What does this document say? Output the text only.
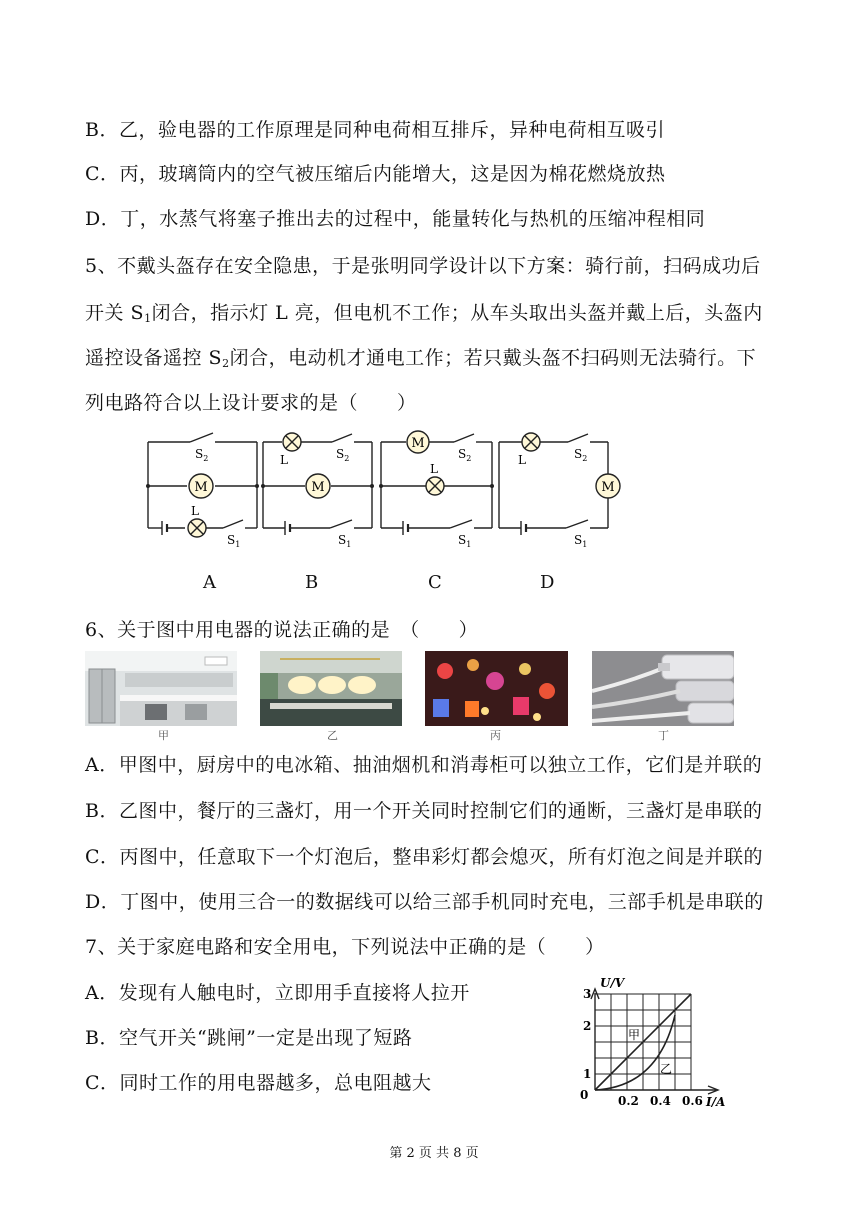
B．乙，验电器的工作原理是同种电荷相互排斥，异种电荷相互吸引
C．丙，玻璃筒内的空气被压缩后内能增大，这是因为棉花燃烧放热
D．丁，水蒸气将塞子推出去的过程中，能量转化与热机的压缩冲程相同
5、不戴头盔存在安全隐患，于是张明同学设计以下方案：骑行前，扫码成功后
开关 $S_1$闭合，指示灯 L 亮，但电机不工作；从车头取出头盔并戴上后，头盔内
遥控设备遥控 $S_2$闭合，电动机才通电工作；若只戴头盔不扫码则无法骑行。下
列电路符合以上设计要求的是（　　）
M
$S_2$
L
$S_1$
M
L	$S_2$
$S_1$
M
L
$S_2$
$S_1$
M
L	$S_2$
$S_1$
A	B	C	D
6、关于图中用电器的说法正确的是　（　　）
甲	乙	丙	丁
A．甲图中，厨房中的电冰箱、抽油烟机和消毒柜可以独立工作，它们是并联的
B．乙图中，餐厅的三盏灯，用一个开关同时控制它们的通断，三盏灯是串联的
C．丙图中，任意取下一个灯泡后，整串彩灯都会熄灭，所有灯泡之间是并联的
D．丁图中，使用三合一的数据线可以给三部手机同时充电，三部手机是串联的
7、关于家庭电路和安全用电，下列说法中正确的是（　　）
A．发现有人触电时，立即用手直接将人拉开
B．空气开关“跳闸”一定是出现了短路
C．同时工作的用电器越多，总电阻越大
U/V
0
1
2
3
0.2 0.4 0.6 I/A
甲
乙
第 2 页 共 8 页
